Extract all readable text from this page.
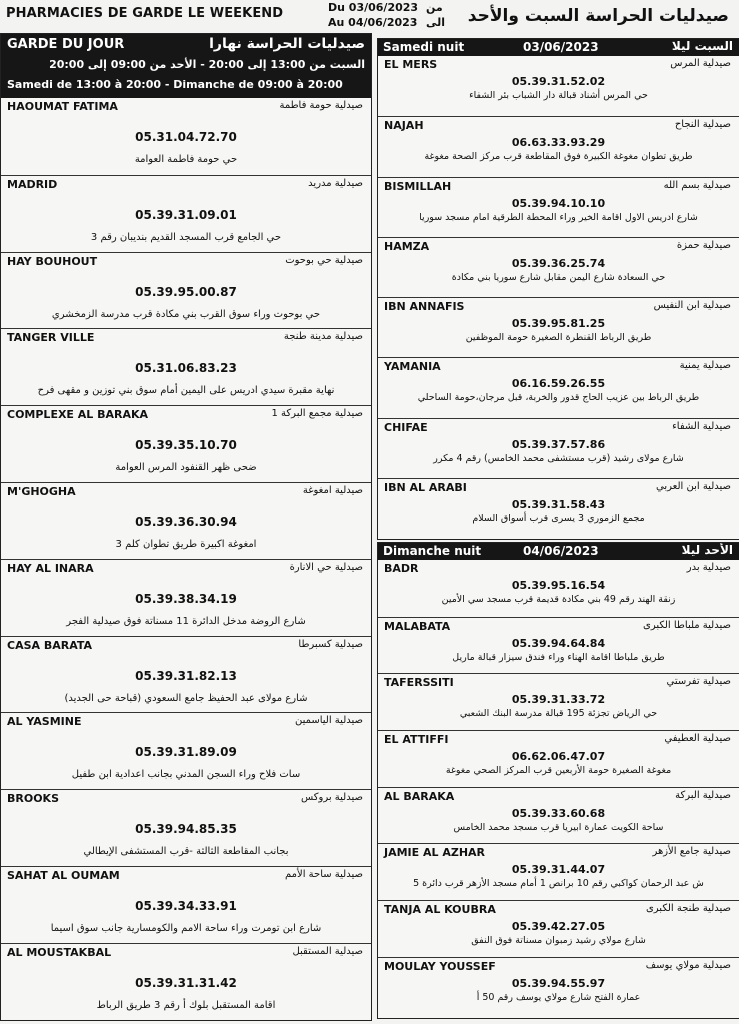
PHARMACIES DE GARDE LE WEEKEND	Du 03/06/2023
Au 04/06/2023
من
الى صيدليات الحراسة السبت والأحد
GARDE DU JOUR	صيدليات الحراسة نهارا
السبت من 13:00 إلى 20:00 - الأحد من 09:00 إلى 20:00
Samedi de 13:00 à 20:00 - Dimanche de 09:00 à 20:00
HAOUMAT FATIMA	صيدلية حومة فاطمة
05.31.04.72.70
حي حومة فاطمة العوامة
MADRID	صيدلية مدريد
05.39.31.09.01
حي الجامع قرب المسجد القديم بنديبان رقم 3
HAY BOUHOUT	صيدلية حي بوحوت
05.39.95.00.87
حي بوحوت وراء سوق القرب بني مكادة قرب مدرسة الزمخشري
TANGER VILLE	صيدلية مدينة طنجة
05.31.06.83.23
نهاية مقبرة سيدي ادريس على اليمين أمام سوق بني توزين و مقهى فرح
COMPLEXE AL BARAKA	صيدلية مجمع البركة 1
05.39.35.10.70
ضحى ظهر القنفود المرس العوامة
M'GHOGHA	صيدلية امغوغة
05.39.36.30.94
امغوغة اكبيرة طريق تطوان كلم 3
HAY AL INARA	صيدلية حي الانارة
05.39.38.34.19
شارع الروضة مدخل الدائرة 11 مسناتة فوق صيدلية الفجر
CASA BARATA	صيدلية كسبرطا
05.39.31.82.13
شارع مولاى عبد الحفيظ جامع السعودي (قباحة حى الجديد)
AL YASMINE	صيدلية الياسمين
05.39.31.89.09
سات فلاح وراء السجن المدني بجانب اعدادية ابن طفيل
BROOKS	صيدلية بروكس
05.39.94.85.35
بجانب المقاطعة الثالثة -قرب المستشفى الإيطالي
SAHAT AL OUMAM	صيدلية ساحة الأمم
05.39.34.33.91
شارع ابن تومرت وراء ساحة الامم والكومسارية جانب سوق اسيما
AL MOUSTAKBAL	صيدلية المستقبل
05.39.31.31.42
اقامة المستقبل بلوك أ رقم 3 طريق الرباط
Samedi nuit	03/06/2023	السبت ليلا
EL MERS	صيدلية المرس
05.39.31.52.02
حي المرس أشناد قبالة دار الشباب بئر الشفاء
NAJAH	صيدلية النجاح
06.63.33.93.29
طريق تطوان مغوغة الكبيرة فوق المقاطعة قرب مركز الصحة مغوغة
BISMILLAH	صيدلية بسم الله
05.39.94.10.10
شارع ادريس الاول اقامة الخير وراء المحطة الطرقية امام مسجد سوريا
HAMZA	صيدلية حمزة
05.39.36.25.74
حي السعادة شارع اليمن مقابل شارع سوريا بني مكادة
IBN ANNAFIS	صيدلية ابن النفيس
05.39.95.81.25
طريق الرباط القنطرة الصغيرة حومة الموظفين
YAMANIA	صيدلية يمنية
06.16.59.26.55
طريق الرباط بين عزيب الحاج قدور والخربة، قبل مرجان،حومة الساحلي
CHIFAE	صيدلية الشفاء
05.39.37.57.86
شارع مولاى رشيد (قرب مستشفى محمد الخامس) رقم 4 مكرر
IBN AL ARABI	صيدلية ابن العربي
05.39.31.58.43
مجمع الزموري 3 يسرى قرب أسواق السلام
Dimanche nuit	04/06/2023	الأحد ليلا
BADR	صيدلية بدر
05.39.95.16.54
زنقة الهند رقم 49 بني مكادة قديمة قرب مسجد سي الأمين
MALABATA	صيدلية ملباطا الكبرى
05.39.94.64.84
طريق ملباطا اقامة الهناء وراء فندق سيزار قبالة ماريل
TAFERSSITI	صيدلية تفرستي
05.39.31.33.72
حي الرياض تجزئة 195 قبالة مدرسة البنك الشعبي
EL ATTIFFI	صيدلية العطيفي
06.62.06.47.07
مغوغة الصغيرة حومة الأربعين قرب المركز الصحي مغوغة
AL BARAKA	صيدلية البركة
05.39.33.60.68
ساحة الكويت عمارة ابيريا قرب مسجد محمد الخامس
JAMIE AL AZHAR	صيدلية جامع الأزهر
05.39.31.44.07
ش عبد الرحمان كواكبي رقم 10 برانص 1 أمام مسجد الأزهر قرب دائرة 5
TANJA AL KOUBRA	صيدلية طنجة الكبرى
05.39.42.27.05
شارع مولاي رشيد زمبوان مسناتة فوق النفق
MOULAY YOUSSEF	صيدلية مولاي يوسف
05.39.94.55.97
عمارة الفتح شارع مولاي يوسف رقم 50 أ
